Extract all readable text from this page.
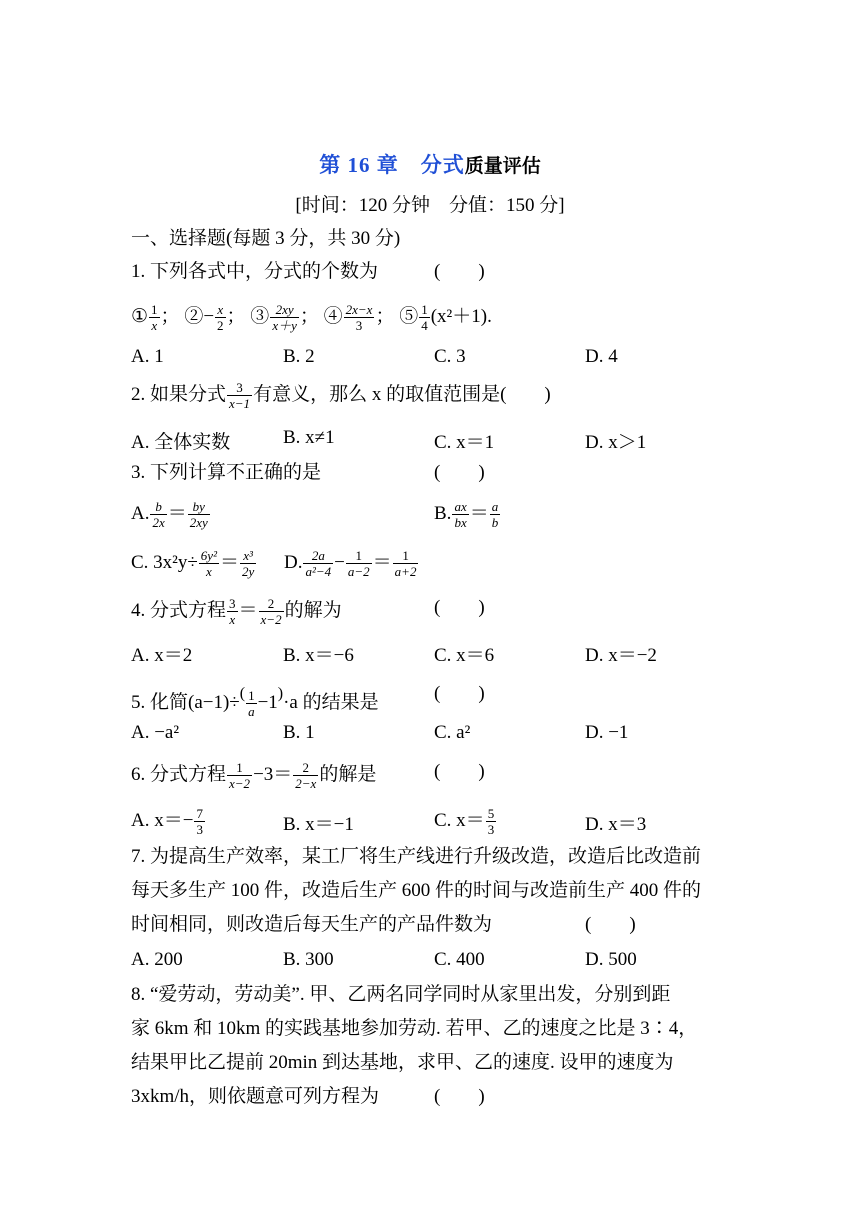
第 16 章　分式质量评估
[时间：120 分钟　分值：150 分]
一、选择题(每题 3 分，共 30 分)
1. 下列各式中，分式的个数为	(　　)
① $\frac{1}{x}$ ； ②− $\frac{x}{2}$ ； ③ $\frac{2xy}{x+y}$ ； ④ $\frac{2x-x}{3}$ ； ⑤ $\frac{1}{4} (x^2+1)$.
A. 1	B. 2	C. 3	D. 4
2. 如果分式 $\frac{3}{x-1}$ 有意义，那么 x 的取值范围是(　　)
A. 全体实数	B. x≠1	C. x＝1	D. x＞1
3. 下列计算不正确的是	(　　)
A. $\frac{b}{2x} = \frac{by}{2xy}$	B. $\frac{ax}{bx} = \frac{a}{b}$
C. $3x^2y\div \frac{\text{6y²}}{x} = \frac{\text{x³}}{2y} D$. $\frac{2a}{\text{a²−4}} - \frac{1}{a-2} = \frac{1}{a+2}$
4. 分式方程 $\frac{3}{x} = \frac{2}{x-2}$ 的解为	(　　)
A. x＝2	B. x＝−6	C. x＝6	D. x＝−2
5. 化简$(a-1)\div^( \frac{1}{a} -1^)\cdot a$ 的结果是	(　　)
A. −a²	B. 1	C. a²	D. −1
6. 分式方程 $\frac{1}{x-2} -3= \frac{2}{2-x}$ 的解是	(　　)
A. $x=- \frac{7}{3}$	B. x＝−1	C. $x= \frac{5}{3}$	D. x＝3
7. 为提高生产效率，某工厂将生产线进行升级改造，改造后比改造前
每天多生产 100 件，改造后生产 600 件的时间与改造前生产 400 件的
时间相同，则改造后每天生产的产品件数为	(　　)
A. 200	B. 300	C. 400	D. 500
8. “爱劳动，劳动美”. 甲、乙两名同学同时从家里出发，分别到距
家 6km 和 10km 的实践基地参加劳动. 若甲、乙的速度之比是 3∶4，
结果甲比乙提前 20min 到达基地，求甲、乙的速度. 设甲的速度为
3xkm/h，则依题意可列方程为	(　　)
